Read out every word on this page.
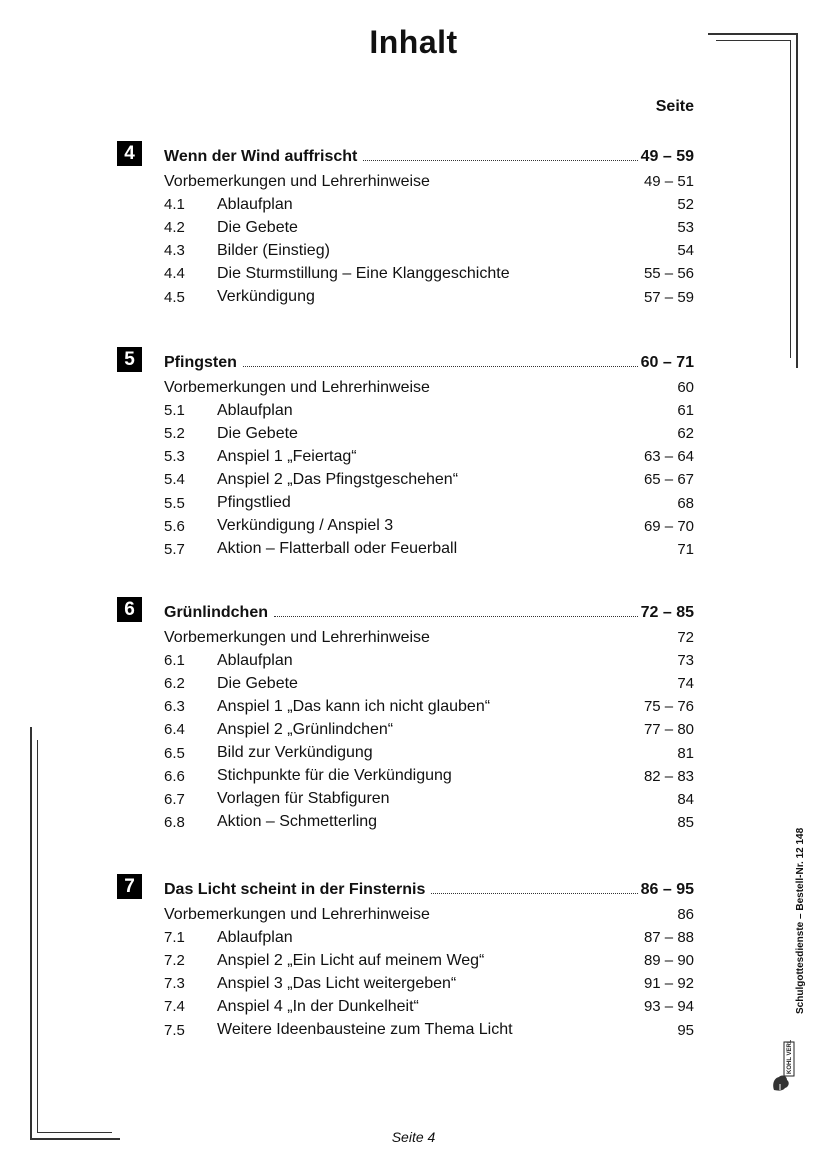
Inhalt
Seite
4	Wenn der Wind auffrischt	49 – 59
Vorbemerkungen und Lehrerhinweise	49 – 51
4.1	Ablaufplan	52
4.2	Die Gebete	53
4.3	Bilder (Einstieg)	54
4.4	Die Sturmstillung – Eine Klanggeschichte	55 – 56
4.5	Verkündigung	57 – 59
5	Pfingsten	60 – 71
Vorbemerkungen und Lehrerhinweise	60
5.1	Ablaufplan	61
5.2	Die Gebete	62
5.3	Anspiel 1 „Feiertag“	63 – 64
5.4	Anspiel 2 „Das Pfingstgeschehen“	65 – 67
5.5	Pfingstlied	68
5.6	Verkündigung / Anspiel 3	69 – 70
5.7	Aktion – Flatterball oder Feuerball	71
6	Grünlindchen	72 – 85
Vorbemerkungen und Lehrerhinweise	72
6.1	Ablaufplan	73
6.2	Die Gebete	74
6.3	Anspiel 1 „Das kann ich nicht glauben“	75 – 76
6.4	Anspiel 2 „Grünlindchen“	77 – 80
6.5	Bild zur Verkündigung	81
6.6	Stichpunkte für die Verkündigung	82 – 83
6.7	Vorlagen für Stabfiguren	84
6.8	Aktion – Schmetterling	85
7	Das Licht scheint in der Finsternis	86 – 95
Vorbemerkungen und Lehrerhinweise	86
7.1	Ablaufplan	87 – 88
7.2	Anspiel 2 „Ein Licht auf meinem Weg“	89 – 90
7.3	Anspiel 3 „Das Licht weitergeben“	91 – 92
7.4	Anspiel 4 „In der Dunkelheit“	93 – 94
7.5	Weitere Ideenbausteine zum Thema Licht	95
Seite 4
Schulgottesdienste – Bestell-Nr. 12 148
KOHL VERLAG
